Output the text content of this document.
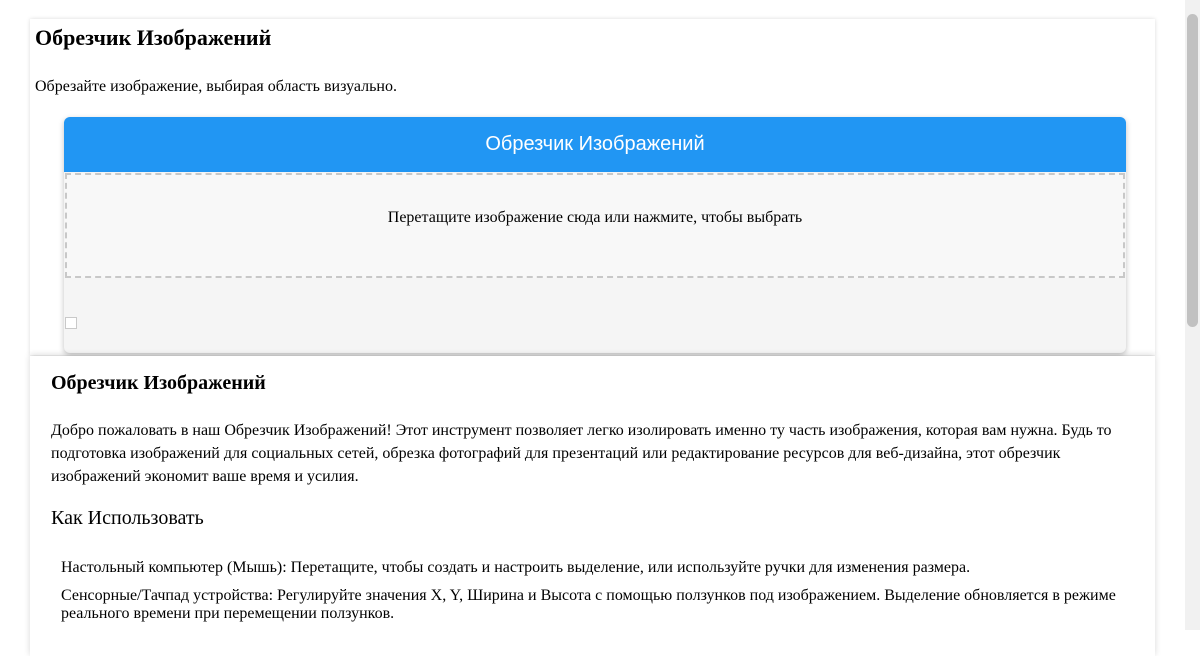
Обрезчик Изображений

Обрезайте изображение, выбирая область визуально.

Обрезчик Изображений
Перетащите изображение сюда или нажмите, чтобы выбрать
Обрезчик Изображений

Добро пожаловать в наш Обрезчик Изображений! Этот инструмент позволяет легко изолировать именно ту часть изображения, которая вам нужна. Будь то подготовка изображений для социальных сетей, обрезка фотографий для презентаций или редактирование ресурсов для веб-дизайна, этот обрезчик изображений экономит ваше время и усилия.

Как Использовать

Настольный компьютер (Мышь): Перетащите, чтобы создать и настроить выделение, или используйте ручки для изменения размера.

Сенсорные/Тачпад устройства: Регулируйте значения X, Y, Ширина и Высота с помощью ползунков под изображением. Выделение обновляется в режиме реального времени при перемещении ползунков.
